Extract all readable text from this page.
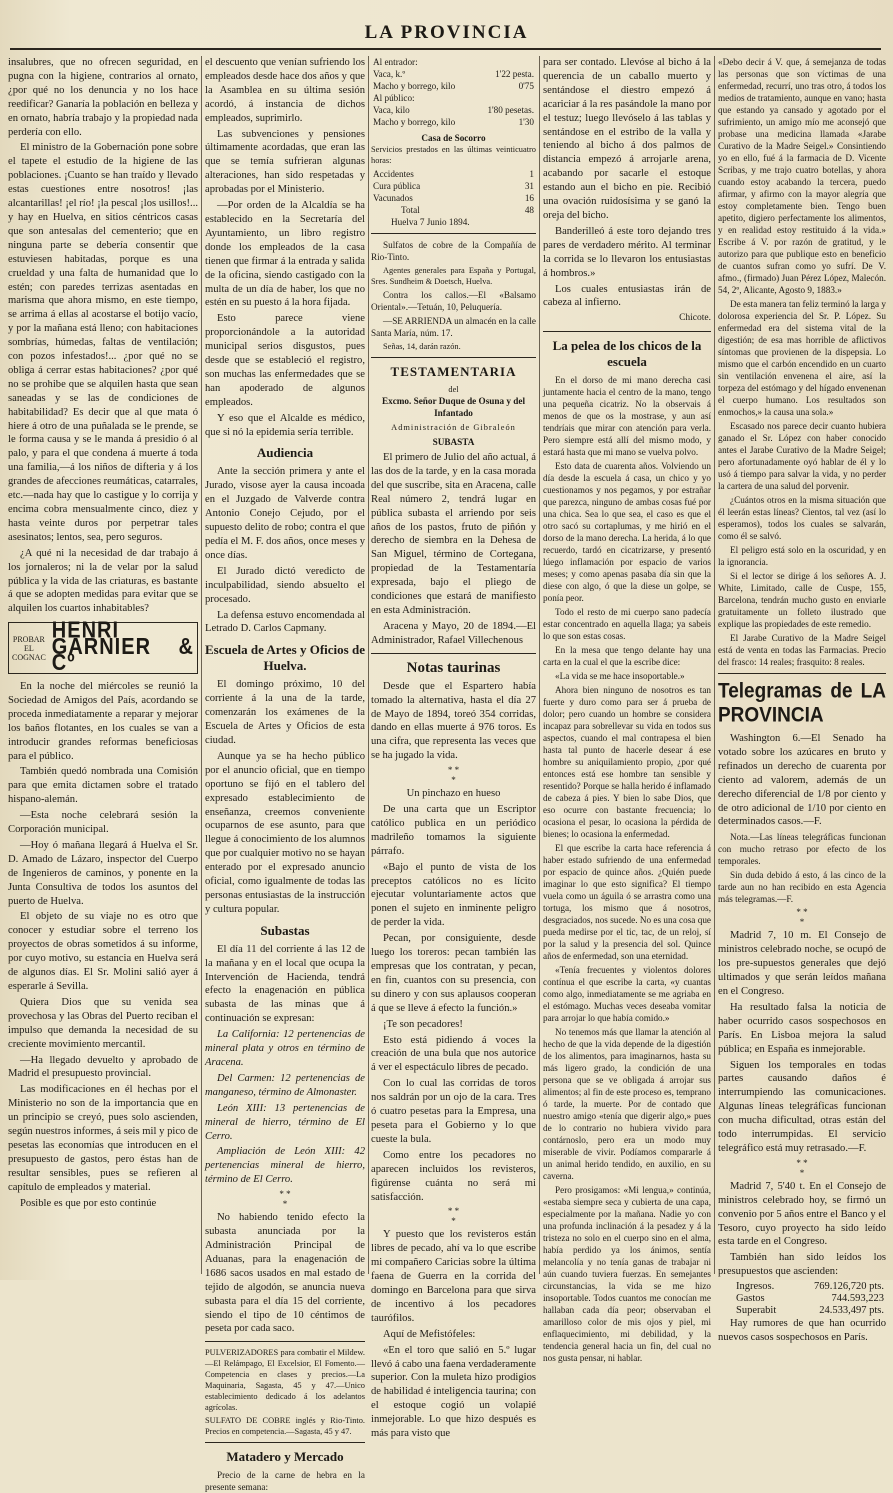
LA PROVINCIA

insalubres, que no ofrecen seguridad, en pugna con la higiene, contrarios al ornato, ¿por qué no los denuncia y no los hace reedificar? Ganaría la población en belleza y en ornato, habría trabajo y la propiedad nada perdería con ello.

El ministro de la Gobernación pone sobre el tapete el estudio de la higiene de las poblaciones. ¡Cuanto se han traído y llevado estas cuestiones entre nosotros! ¡las alcantarillas! ¡el río! ¡la pescal ¡los usillos!... y hay en Huelva, en sitios céntricos casas que son antesalas del cementerio; que en ninguna parte se debería consentir que estuviesen habitadas, porque es una crueldad y una falta de humanidad que lo estén; con paredes terrizas asentadas en marisma que ahora mismo, en este tiempo, se arrima á ellas al acostarse el botijo vacío, y por la mañana está lleno; con habitaciones sombrías, húmedas, faltas de ventilación; con pozos infestados!... ¿por qué no se obliga á cerrar estas habitaciones? ¿por qué no se prohibe que se alquilen hasta que sean saneadas y se las de condiciones de habitabilidad? Es decir que al que mata ó hiere á otro de una puñalada se le prende, se le forma causa y se le manda á presidio ó al palo, y para el que condena á muerte á toda una familia,—á los niños de difteria y á los grandes de afecciones reumáticas, catarrales, etc.—nada hay que lo castigue y lo corrija y encima cobra mensualmente cinco, diez y hasta veinte duros por perpetrar tales asesinatos; lentos, sea, pero seguros.

¿A qué ni la necesidad de dar trabajo á los jornaleros; ni la de velar por la salud pública y la vida de las criaturas, es bastante á que se adopten medidas para evitar que se alquilen los cuartos inhabitables?

PROBAR EL COGNAC
HENRI GARNIER & Cº

En la noche del miércoles se reunió la Sociedad de Amigos del País, acordando se proceda inmediatamente a reparar y mejorar los baños flotantes, en los cuales se van a introducir grandes reformas beneficiosas para el público.

También quedó nombrada una Comisión para que emita dictamen sobre el tratado hispano-alemán.

—Esta noche celebrará sesión la Corporación municipal.

—Hoy ó mañana llegará á Huelva el Sr. D. Amado de Lázaro, inspector del Cuerpo de Ingenieros de caminos, y ponente en la Junta Consultiva de todos los asuntos del puerto de Huelva.

El objeto de su viaje no es otro que conocer y estudiar sobre el terreno los proyectos de obras sometidos á su informe, por cuyo motivo, su estancia en Huelva será de algunos días. El Sr. Molini salió ayer á esperarle á Sevilla.

Quiera Dios que su venida sea provechosa y las Obras del Puerto reciban el impulso que demanda la necesidad de su creciente movimiento mercantil.

—Ha llegado devuelto y aprobado de Madrid el presupuesto provincial.

Las modificaciones en él hechas por el Ministerio no son de la importancia que en un principio se creyó, pues solo ascienden, según nuestros informes, á seis mil y pico de pesetas las economías que introducen en el presupuesto de gastos, pero éstas han de resultar sensibles, pues se refieren al capítulo de empleados y material.

Posible es que por esto continúe

el descuento que venían sufriendo los empleados desde hace dos años y que la Asamblea en su última sesión acordó, á instancia de dichos empleados, suprimirlo.

Las subvenciones y pensiones últimamente acordadas, que eran las que se temía sufrieran algunas alteraciones, han sido respetadas y aprobadas por el Ministerio.

—Por orden de la Alcaldía se ha establecido en la Secretaría del Ayuntamiento, un libro registro donde los empleados de la casa tienen que firmar á la entrada y salida de la oficina, siendo castigado con la multa de un día de haber, los que no estén en su puesto á la hora fijada.

Esto parece viene proporcionándole a la autoridad municipal serios disgustos, pues desde que se estableció el registro, son muchas las enfermedades que se han apoderado de algunos empleados.

Y eso que el Alcalde es médico, que si nó la epidemia sería terrible.

Audiencia

Ante la sección primera y ante el Jurado, visose ayer la causa incoada en el Juzgado de Valverde contra Antonio Conejo Cejudo, por el supuesto delito de robo; contra el que pedía el M. F. dos años, once meses y once días.

El Jurado dictó veredicto de inculpabilidad, siendo absuelto el procesado.

La defensa estuvo encomendada al Letrado D. Carlos Capmany.

Escuela de Artes y Oficios de Huelva.

El domingo próximo, 10 del corriente á la una de la tarde, comenzarán los exámenes de la Escuela de Artes y Oficios de esta ciudad.

Aunque ya se ha hecho público por el anuncio oficial, que en tiempo oportuno se fijó en el tablero del expresado establecimiento de enseñanza, creemos conveniente ocuparnos de ese asunto, para que llegue á conocimiento de los alumnos que por cualquier motivo no se hayan enterado por el expresado anuncio oficial, como igualmente de todas las personas entusiastas de la instrucción y cultura popular.

Subastas

El día 11 del corriente á las 12 de la mañana y en el local que ocupa la Intervención de Hacienda, tendrá efecto la enagenación en pública subasta de las minas que á continuación se expresan:

La California: 12 pertenencias de mineral plata y otros en término de Aracena.

Del Carmen: 12 pertenencias de manganeso, término de Almonaster.

León XIII: 13 pertenencias de mineral de hierro, término de El Cerro.

Ampliación de León XIII: 42 pertenencias mineral de hierro, término de El Cerro.

* *
*

No habiendo tenido efecto la subasta anunciada por la Administración Principal de Aduanas, para la enagenación de 1686 sacos usados en mal estado de tejido de algodón, se anuncia nueva subasta para el día 15 del corriente, siendo el tipo de 10 céntimos de peseta por cada saco.

PULVERIZADORES para combatir el Mildew.—El Relámpago, El Excelsior, El Fomento.—Competencia en clases y precios.—La Maquinaria, Sagasta, 45 y 47.—Unico establecimiento dedicado á los adelantos agrícolas.

SULFATO DE COBRE inglés y Rio-Tinto. Precios en competencia.—Sagasta, 45 y 47.

Matadero y Mercado

Precio de la carne de hebra en la presente semana:

Al entrador:	
Vaca, k.º	1'22 pesta.
Macho y borrego, kilo	0'75
Al público:	
Vaca, kilo	1'80 pesetas.
Macho y borrego, kilo	1'30
Casa de Socorro

Servicios prestados en las últimas veinticuatro horas:

Accidentes	1
Cura pública	31
Vacunados	16
Total	48

Huelva 7 Junio 1894.

Sulfatos de cobre de la Compañía de Rio-Tinto.

Agentes generales para España y Portugal, Sres. Sundheim & Doetsch, Huelva.

Contra los callos.—El «Balsamo Oriental».—Tetuán, 10, Peluquería.

—SE ARRIENDA un almacén en la calle Santa María, núm. 17.

Señas, 14, darán razón.

TESTAMENTARIA
del
Excmo. Señor Duque de Osuna y del Infantado
Administración de Gibraleón
SUBASTA

El primero de Julio del año actual, á las dos de la tarde, y en la casa morada del que suscribe, sita en Aracena, calle Real número 2, tendrá lugar en pública subasta el arriendo por seis años de los pastos, fruto de piñón y derecho de siembra en la Dehesa de San Miguel, término de Cortegana, propiedad de la Testamentaría expresada, bajo el pliego de condiciones que estará de manifiesto en esta Administración.

Aracena y Mayo, 20 de 1894.—El Administrador, Rafael Villechenous

Notas taurinas

Desde que el Espartero había tomado la alternativa, hasta el día 27 de Mayo de 1894, toreó 354 corridas, dando en ellas muerte á 976 toros. Es una cifra, que representa las veces que se ha jugado la vida.

* *
*

Un pinchazo en hueso

De una carta que un Escriptor católico publica en un periódico madrileño tomamos la siguiente párrafo.

«Bajo el punto de vista de los preceptos católicos no es lícito ejecutar voluntariamente actos que ponen el sujeto en inminente peligro de perder la vida.

Pecan, por consiguiente, desde luego los toreros: pecan también las empresas que los contratan, y pecan, en fin, cuantos con su presencia, con su dinero y con sus aplausos cooperan á que se lleve á efecto la función.»

¡Te son pecadores!

Esto está pidiendo á voces la creación de una bula que nos autorice á ver el espectáculo libres de pecado.

Con lo cual las corridas de toros nos saldrán por un ojo de la cara. Tres ó cuatro pesetas para la Empresa, una peseta para el Gobierno y lo que cueste la bula.

Como entre los pecadores no aparecen incluidos los revisteros, figúrense cuánta no será mi satisfacción.

* *
*

Y puesto que los revisteros están libres de pecado, ahí va lo que escribe mi compañero Caricias sobre la última faena de Guerra en la corrida del domingo en Barcelona para que sirva de incentivo á los pecadores taurófilos.

Aquí de Mefistófeles:

«En el toro que salió en 5.º lugar llevó á cabo una faena verdaderamente superior. Con la muleta hizo prodigios de habilidad é inteligencia taurina; con el estoque cogió un volapié inmejorable. Lo que hizo después es más para visto que

para ser contado. Llevóse al bicho á la querencia de un caballo muerto y sentándose el diestro empezó á acariciar á la res pasándole la mano por el testuz; luego llevóselo á las tablas y sentándose en el estribo de la valla y teniendo al bicho á dos palmos de distancia empezó á arrojarle arena, acabando por sacarle el estoque estando aun el bicho en pie. Recibió una ovación ruidosísima y se ganó la oreja del bicho.

Banderilleó á este toro dejando tres pares de verdadero mérito. Al terminar la corrida se lo llevaron los entusiastas á hombros.»

Los cuales entusiastas irán de cabeza al infierno.

Chicote.
La pelea de los chicos de la escuela

En el dorso de mi mano derecha casi juntamente hacia el centro de la mano, tengo una pequeña cicatriz. No la observais á menos de que os la mostrase, y aun así tendríais que mirar con atención para verla. Pero siempre está allí del mismo modo, y estará hasta que mi mano se vuelva polvo.

Esto data de cuarenta años. Volviendo un día desde la escuela á casa, un chico y yo cuestionamos y nos pegamos, y por estrañar que parezca, ninguno de ambas cosas fué por una chica. Sea lo que sea, el caso es que el otro sacó su cortaplumas, y me hirió en el dorso de la mano derecha. La herida, á lo que recuerdo, tardó en cicatrizarse, y presentó lúego inflamación por espacio de varios meses; y como apenas pasaba día sin que la diese con algo, ó que la diese un golpe, se ponía peor.

Todo el resto de mi cuerpo sano padecía estar concentrado en aquella llaga; ya sabeis lo que son estas cosas.

En la mesa que tengo delante hay una carta en la cual el que la escribe dice:

«La vida se me hace insoportable.»

Ahora bien ninguno de nosotros es tan fuerte y duro como para ser á prueba de dolor; pero cuando un hombre se considera incapaz para sobrellevar su vida en todos sus aspectos, cuando el mal contrapesa el bien hasta tal punto de hacerle desear á ese hombre su aniquilamiento propio, ¿por qué entonces está ese hombre tan sensible y resentido? Porque se halla herido é inflamado de cabeza á pies. Y bien lo sabe Dios, que eso ocurre con bastante frecuencia; lo ocasiona el pesar, lo ocasiona la pérdida de bienes; lo ocasiona la enfermedad.

El que escribe la carta hace referencia á haber estado sufriendo de una enfermedad por espacio de quince años. ¿Quién puede imaginar lo que esto significa? El tiempo vuela como un águila ó se arrastra como una tortuga, los mismo que á nosotros, desgraciados, nos sucede. No es una cosa que pueda medirse por el tic, tac, de un reloj, sí por la salud y la presencia del sol. Quince años de enfermedad, son una eternidad.

«Tenía frecuentes y violentos dolores contínua el que escribe la carta, «y cuantas como algo, inmediatamente se me agriaba en el estómago. Muchas veces deseaba vomitar para arrojar lo que había comido.»

No tenemos más que llamar la atención al hecho de que la vida depende de la digestión de los alimentos, para imaginarnos, hasta su más ligero grado, la condición de una persona que se ve obligada á arrojar sus alimentos; al fin de este proceso es, temprano ó tarde, la muerte. Por de contado que nuestro amigo «tenía que digerir algo,» pues de lo contrario no hubiera vivido para contárnoslo, pero era un modo muy miserable de vivir. Podíamos compararle á un animal herido tendido, en auxilio, en su caverna.

Pero prosigamos: «Mi lengua,» continúa, «estaba siempre seca y cubierta de una capa, especialmente por la mañana. Nadie yo con una profunda inclinación á la pesadez y á la tristeza no solo en el cuerpo sino en el alma, había perdido ya los ánimos, sentía melancolía y no tenía ganas de trabajar ni aún cuando tuviera fuerzas. En semejantes circunstancias, la vida se me hizo insoportable. Todos cuantos me conocían me hallaban cada día peor; observaban el amarilloso color de mis ojos y piel, mi enflaquecimiento, mi debilidad, y la tendencia general hacia un fin, del cual no nos gusta pensar, ni hablar.

«Debo decir á V. que, á semejanza de todas las personas que son víctimas de una enfermedad, recurrí, uno tras otro, á todos los medios de tratamiento, aunque en vano; hasta que estando ya cansado y agotado por el sufrimiento, un amigo mío me aconsejó que probase una medicina llamada «Jarabe Curativo de la Madre Seigel.» Consintiendo yo en ello, fué á la farmacia de D. Vicente Scribas, y me trajo cuatro botellas, y ahora cuando estoy acabando la tercera, puedo afirmar, y afirmo con la mayor alegría que estoy completamente bien. Tengo buen apetito, digiero perfectamente los alimentos, y en realidad estoy restituido á la vida.» Escribe á V. por razón de gratitud, y le autorizo para que publique esto en beneficio de cuantos sufran como yo sufrí. De V. afmo., (firmado) Juan Pérez López, Malecón. 54, 2º, Alicante, Agosto 9, 1883.»

De esta manera tan feliz terminó la larga y dolorosa experiencia del Sr. P. López. Su enfermedad era del sistema vital de la digestión; de esa mas horrible de aflictivos síntomas que provienen de la dispepsia. Lo mismo que el carbón encendido en un cuarto sin ventilación envenena el aire, así la torpeza del estómago y del hígado envenenan el cuerpo humano. Los resultados son enmochos,» la causa una sola.»

Escasado nos parece decir cuanto hubiera ganado el Sr. López con haber conocido antes el Jarabe Curativo de la Madre Seigel; pero afortunadamente oyó hablar de él y lo usó á tiempo para salvar la vida, y no perder la cartera de una salud del porvenir.

¿Cuántos otros en la misma situación que él leerán estas líneas? Cientos, tal vez (así lo esperamos), todos los cuales se salvarán, como él se salvó.

El peligro está solo en la oscuridad, y en la ignorancia.

Si el lector se dirige á los señores A. J. White, Limitado, calle de Cuspe, 155, Barcelona, tendrán mucho gusto en enviarle gratuitamente un folleto ilustrado que explique las propiedades de este remedio.

El Jarabe Curativo de la Madre Seigel está de venta en todas las Farmacias. Precio del frasco: 14 reales; frasquito: 8 reales.

Telegramas de LA PROVINCIA

Washington 6.—El Senado ha votado sobre los azúcares en bruto y refinados un derecho de cuarenta por ciento ad valorem, además de un derecho diferencial de 1/8 por ciento y de otro adicional de 1/10 por ciento en determinados casos.—F.

Nota.—Las líneas telegráficas funcionan con mucho retraso por efecto de los temporales.

Sin duda debido á esto, á las cinco de la tarde aun no han recibido en esta Agencia más telegramas.—F.

* *
*

Madrid 7, 10 m. El Consejo de ministros celebrado noche, se ocupó de los pre-supuestos generales que dejó ultimados y que serán leídos mañana en el Congreso.

Ha resultado falsa la noticia de haber ocurrido casos sospechosos en París. En Lisboa mejora la salud pública; en España es inmejorable.

Siguen los temporales en todas partes causando daños é interrumpiendo las comunicaciones. Algunas líneas telegráficas funcionan con mucha dificultad, otras están del todo interrumpidas. El servicio telegráfico está muy retrasado.—F.

* *
*

Madrid 7, 5'40 t. En el Consejo de ministros celebrado hoy, se firmó un convenio por 5 años entre el Banco y el Tesoro, cuyo proyecto ha sido leído esta tarde en el Congreso.

También han sido leídos los presupuestos que ascienden:

Ingresos.	769.126,720 pts.
Gastos	744.593,223
Superabit	24.533,497 pts.

Hay rumores de que han ocurrido nuevos casos sospechosos en París.
